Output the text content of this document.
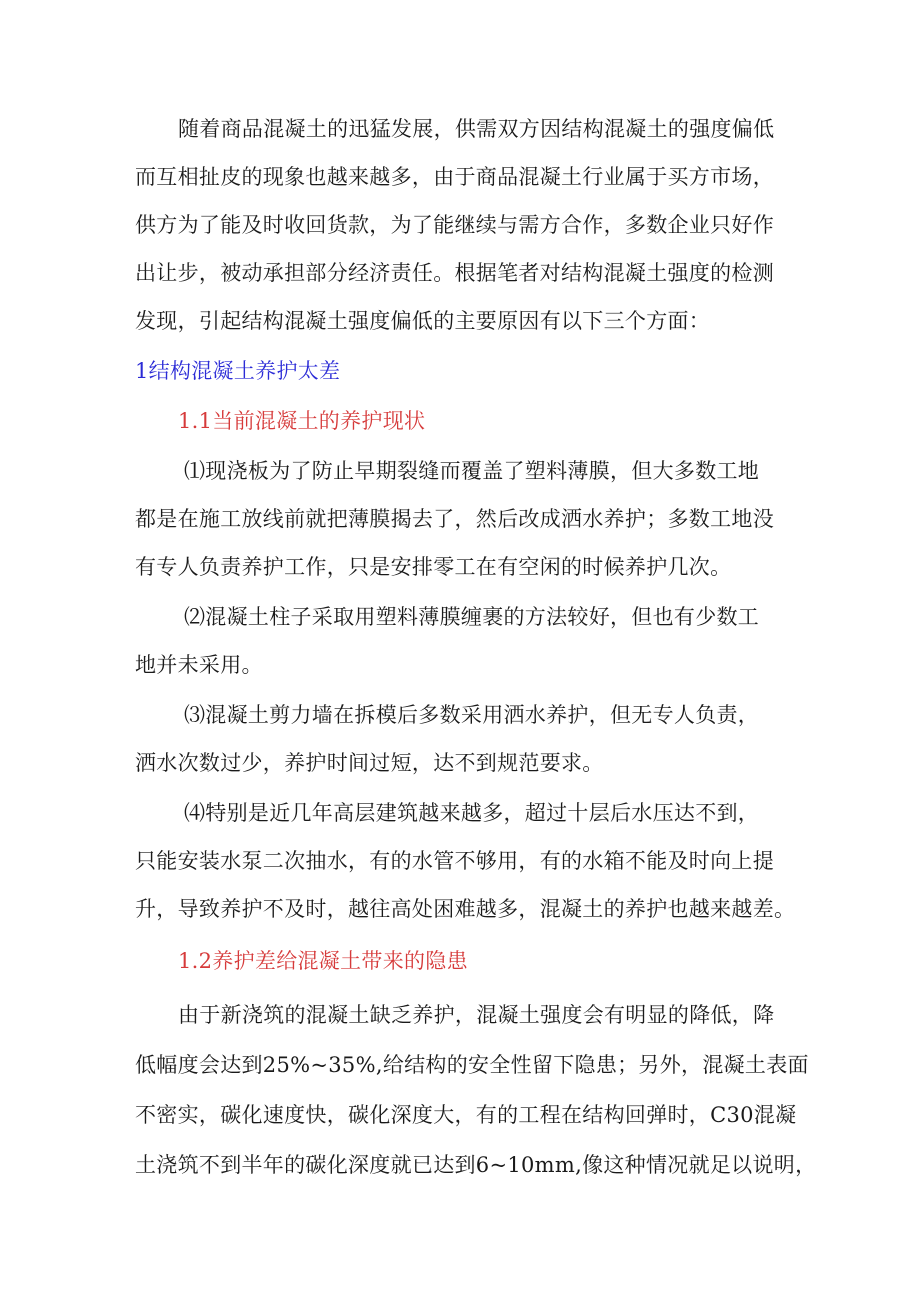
随着商品混凝土的迅猛发展，供需双方因结构混凝土的强度偏低
而互相扯皮的现象也越来越多，由于商品混凝土行业属于买方市场，
供方为了能及时收回货款，为了能继续与需方合作，多数企业只好作
出让步，被动承担部分经济责任。根据笔者对结构混凝土强度的检测
发现，引起结构混凝土强度偏低的主要原因有以下三个方面：
1结构混凝土养护太差
1.1当前混凝土的养护现状
⑴现浇板为了防止早期裂缝而覆盖了塑料薄膜，但大多数工地
都是在施工放线前就把薄膜揭去了，然后改成洒水养护；多数工地没
有专人负责养护工作，只是安排零工在有空闲的时候养护几次。
⑵混凝土柱子采取用塑料薄膜缠裹的方法较好，但也有少数工
地并未采用。
⑶混凝土剪力墙在拆模后多数采用洒水养护，但无专人负责，
洒水次数过少，养护时间过短，达不到规范要求。
⑷特别是近几年高层建筑越来越多，超过十层后水压达不到，
只能安装水泵二次抽水，有的水管不够用，有的水箱不能及时向上提
升，导致养护不及时，越往高处困难越多，混凝土的养护也越来越差。
1.2养护差给混凝土带来的隐患
由于新浇筑的混凝土缺乏养护，混凝土强度会有明显的降低，降
低幅度会达到25%~35%,给结构的安全性留下隐患；另外，混凝土表面
不密实，碳化速度快，碳化深度大，有的工程在结构回弹时，C30混凝
土浇筑不到半年的碳化深度就已达到6~10mm,像这种情况就足以说明，
